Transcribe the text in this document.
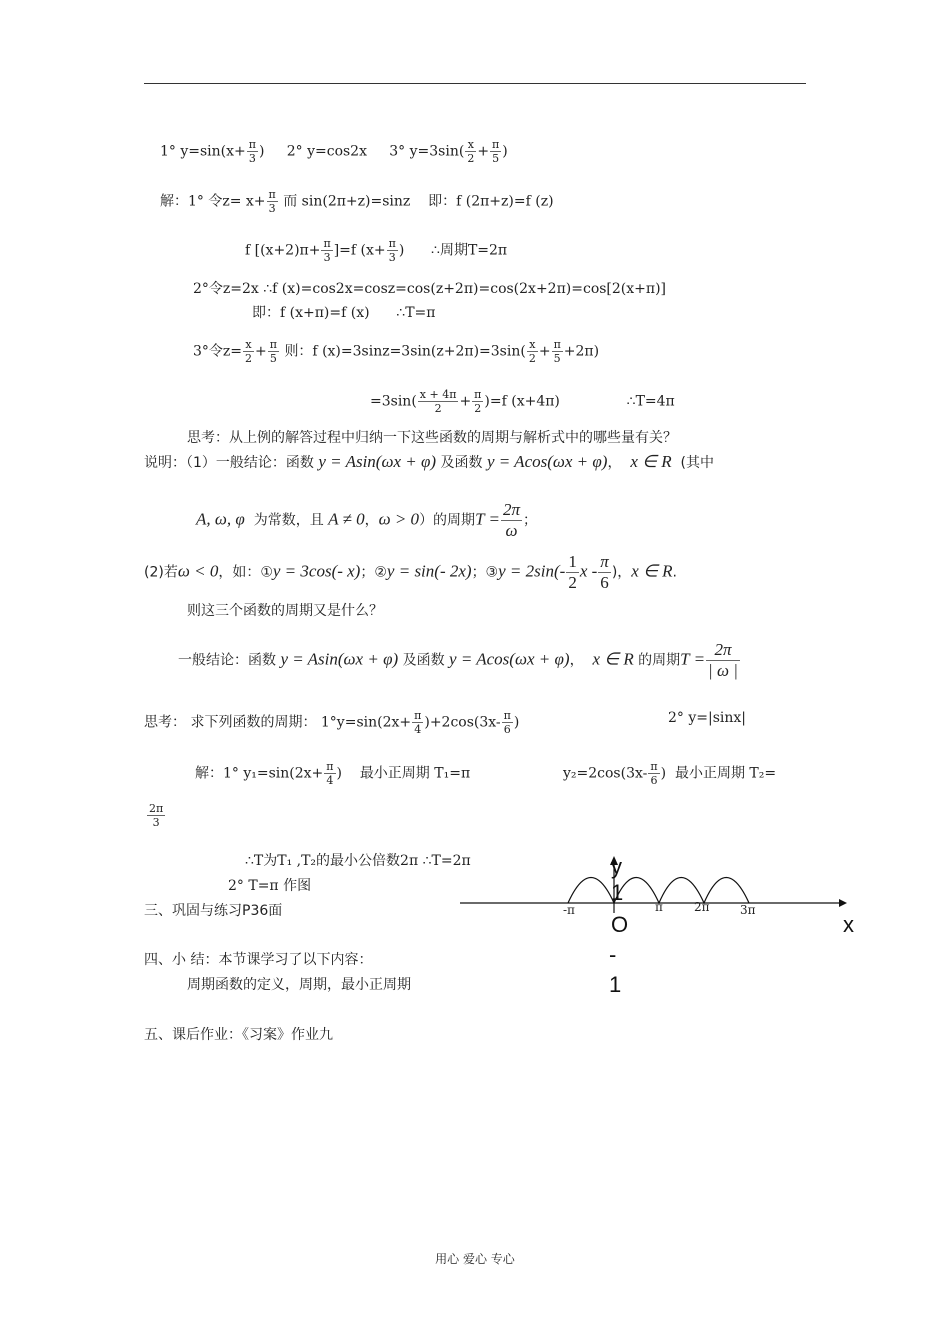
1° $y=\sin(x+ \frac{\pi}{3}$ ) 2° y=cos2x 3° $y=3\sin( \frac{x}{2} + \frac{\pi}{5}$ )
解：1° 令$z= x+ \frac{\pi}{3}$ 而 sin(2π+z)=sinz 即：f (2π+z)=f (z)
f $[(x+2)\pi+ \frac{\pi}{3} ]=f$ ($x+ \frac{\pi}{3}$ ) ∴周期T=2π
2°令z=2x ∴f (x)=cos2x=cosz=cos(z+2π)=cos(2x+2π)=cos[2(x+π)]
即：f (x+π)=f (x) ∴T=π
3°令$z= \frac{x}{2} + \frac{\pi}{5}$ 则：f $(x)=3\sin z=3\sin(z+2\pi)=3\sin( \frac{x}{2} + \frac{\pi}{5} +2\pi)$
$=3\sin( \frac{x + 4\pi}{2} + \frac{\pi}{2} )=f$ (x+4π)	∴T=4π
思考：从上例的解答过程中归纳一下这些函数的周期与解析式中的哪些量有关？
说明：（1）一般结论：函数 y = Asin(ωx + φ) 及函数 y = Acos(ωx + φ)， x ∈ R (其中
A, ω, φ 为常数，且 A ≠ 0，ω > 0）的周期$T = \frac{2\pi}{\omega}$ ；
(2)若ω < 0，如：①y = 3cos(- x)；②y = sin(- 2x)；③y = $2\sin(- \frac{1}{2}$ x - $\frac{\pi}{6}$ )，x ∈ R.
则这三个函数的周期又是什么？
一般结论：函数 y = Asin(ωx + φ) 及函数 y = Acos(ωx + φ)， x ∈ R 的周期$T = \frac{2\pi}{| \omega |}$
思考： 求下列函数的周期： $1^\circ y=\sin(2x+ \frac{\pi}{4} )+2\cos(3x- \frac{\pi}{6}$ )	2° y=|sinx|
解：1° $y_1=\sin(2x+ \frac{\pi}{4}$ ) 最小正周期 T₁=π	$y_2=2\cos(3x- \frac{\pi}{6}$ ) 最小正周期 T₂=
$\frac{2\pi}{3}$
∴T为T₁ ,T₂的最小公倍数2π ∴T=2π
2° T=π 作图
三、巩固与练习P36面
四、小 结：本节课学习了以下内容：
周期函数的定义，周期，最小正周期
五、课后作业：《习案》作业九
y
1
O	x
-
1
-π	π	2π	3π
用心 爱心 专心
